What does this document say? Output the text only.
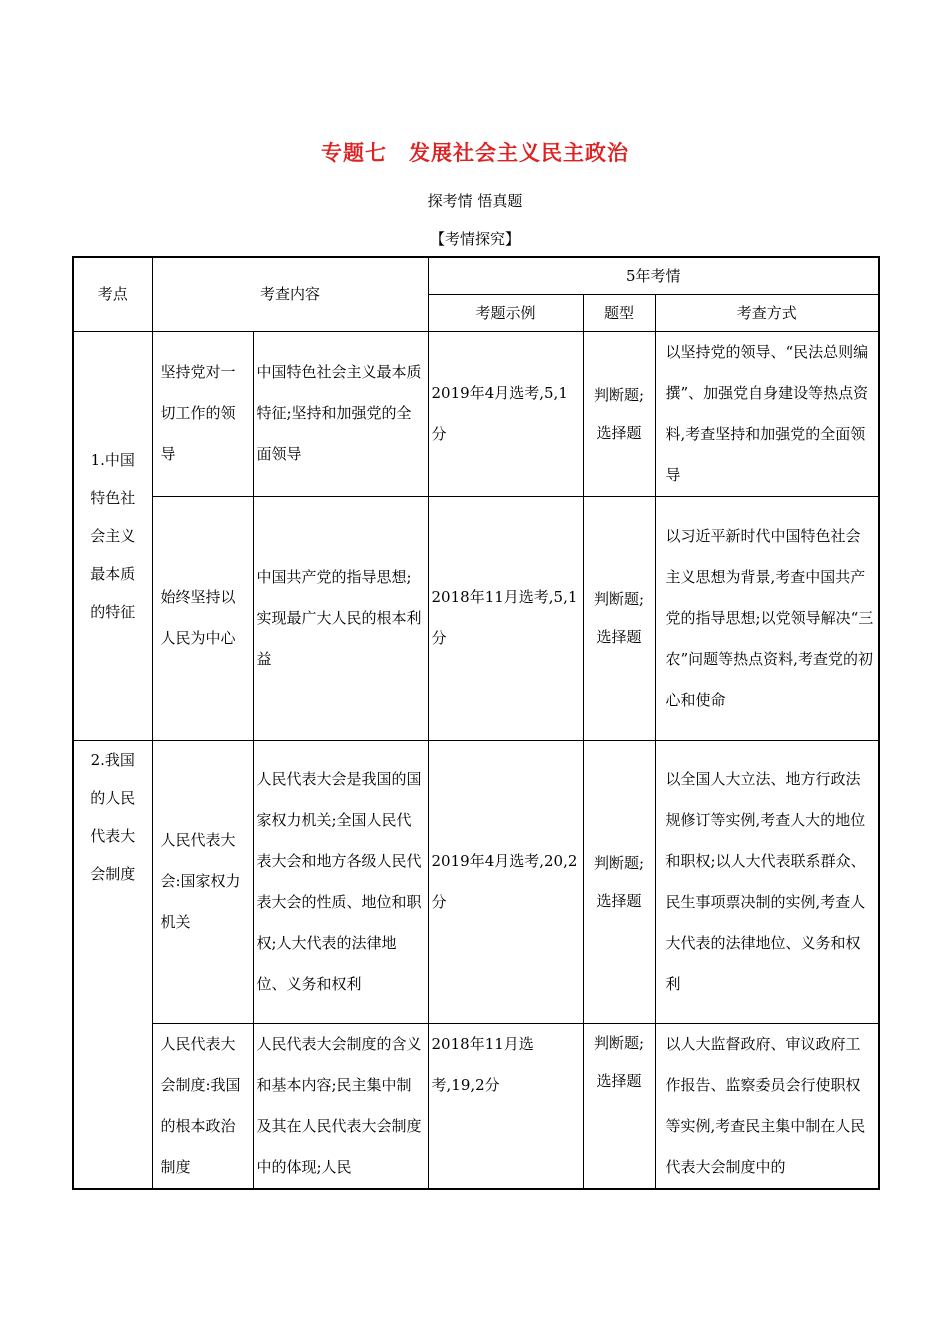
专题七　发展社会主义民主政治
探考情 悟真题
【考情探究】
考点	考查内容		5年考情		
			考题示例	题型	考查方式
1.中国特色社会主义最本质的特征	坚持党对一切工作的领导	中国特色社会主义最本质特征;坚持和加强党的全面领导	2019年4月选考,5,1分	判断题;选择题	以坚持党的领导、“民法总则编撰”、加强党自身建设等热点资料,考查坚持和加强党的全面领导
	始终坚持以人民为中心	中国共产党的指导思想;实现最广大人民的根本利益	2018年11月选考,5,1分	判断题;选择题	以习近平新时代中国特色社会主义思想为背景,考查中国共产党的指导思想;以党领导解决“三农”问题等热点资料,考查党的初心和使命
2.我国的人民代表大会制度	人民代表大会:国家权力机关	人民代表大会是我国的国家权力机关;全国人民代表大会和地方各级人民代表大会的性质、地位和职权;人大代表的法律地位、义务和权利	2019年4月选考,20,2分	判断题;选择题	以全国人大立法、地方行政法规修订等实例,考查人大的地位和职权;以人大代表联系群众、民生事项票决制的实例,考查人大代表的法律地位、义务和权利
	人民代表大会制度:我国的根本政治制度	人民代表大会制度的含义和基本内容;民主集中制及其在人民代表大会制度中的体现;人民	2018年11月选考,19,2分	判断题;选择题	以人大监督政府、审议政府工作报告、监察委员会行使职权等实例,考查民主集中制在人民代表大会制度中的
